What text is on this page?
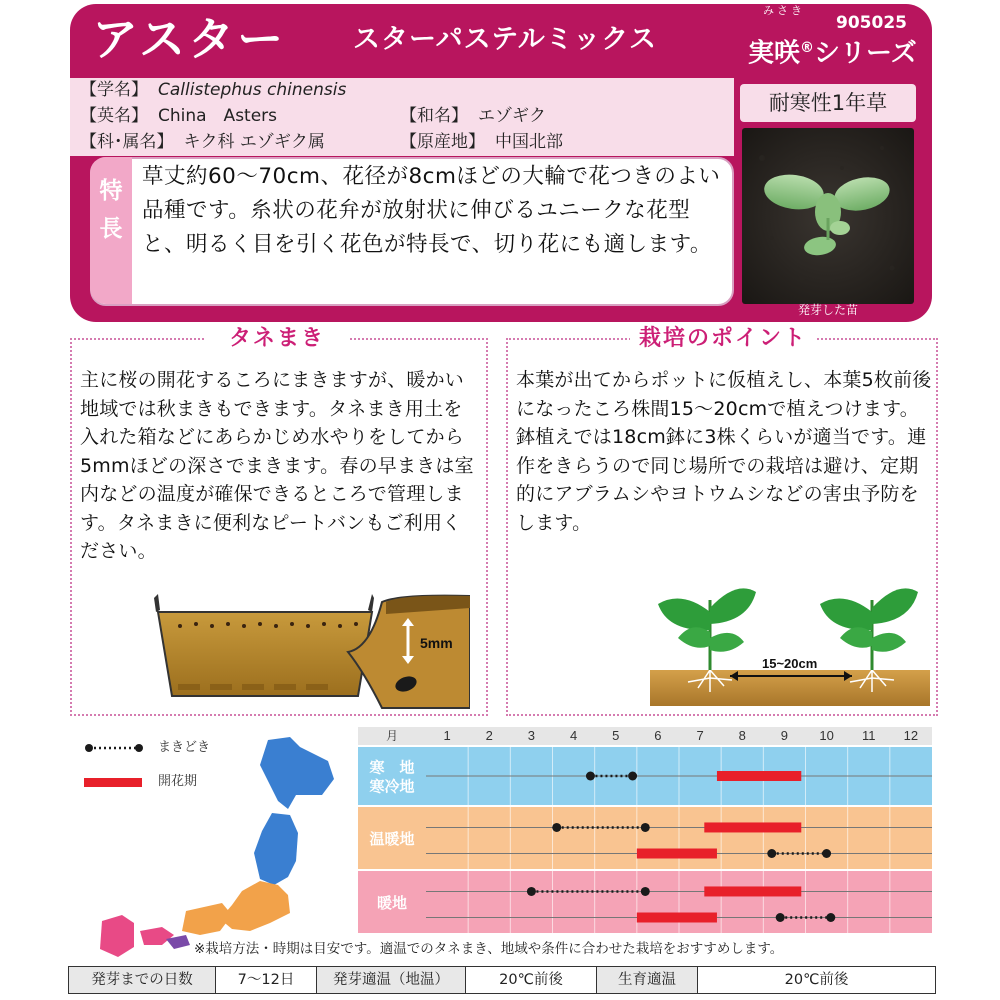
アスター スターパステルミックス
みさき
905025
実咲®シリーズ
【学名】 Callistephus chinensis
【英名】 China　Asters	【和名】 エゾギク
【科･属名】 キク科 エゾギク属	【原産地】 中国北部
耐寒性1年草
発芽した苗
特
長
草丈約60～70cm、花径が8cmほどの大輪で花つきのよい品種です。糸状の花弁が放射状に伸びるユニークな花型と、明るく目を引く花色が特長で、切り花にも適します。
タネまき
主に桜の開花するころにまきますが、暖かい地域では秋まきもできます。タネまき用土を入れた箱などにあらかじめ水やりをしてから5mmほどの深さでまきます。春の早まきは室内などの温度が確保できるところで管理します。タネまきに便利なピートバンもご利用ください。
5mm
栽培のポイント
本葉が出てからポットに仮植えし、本葉5枚前後になったころ株間15～20cmで植えつけます。鉢植えでは18cm鉢に3株くらいが適当です。連作をきらうので同じ場所での栽培は避け、定期的にアブラムシやヨトウムシなどの害虫予防をします。
15~20cm
まきどき
開花期
月	1	2	3	4	5	6	7	8	9 10 11 12
寒　地
寒冷地
温暖地
暖地
※栽培方法・時期は目安です。適温でのタネまき、地域や条件に合わせた栽培をおすすめします。
発芽までの日数	7～12日	発芽適温（地温）	20℃前後	生育適温	20℃前後
